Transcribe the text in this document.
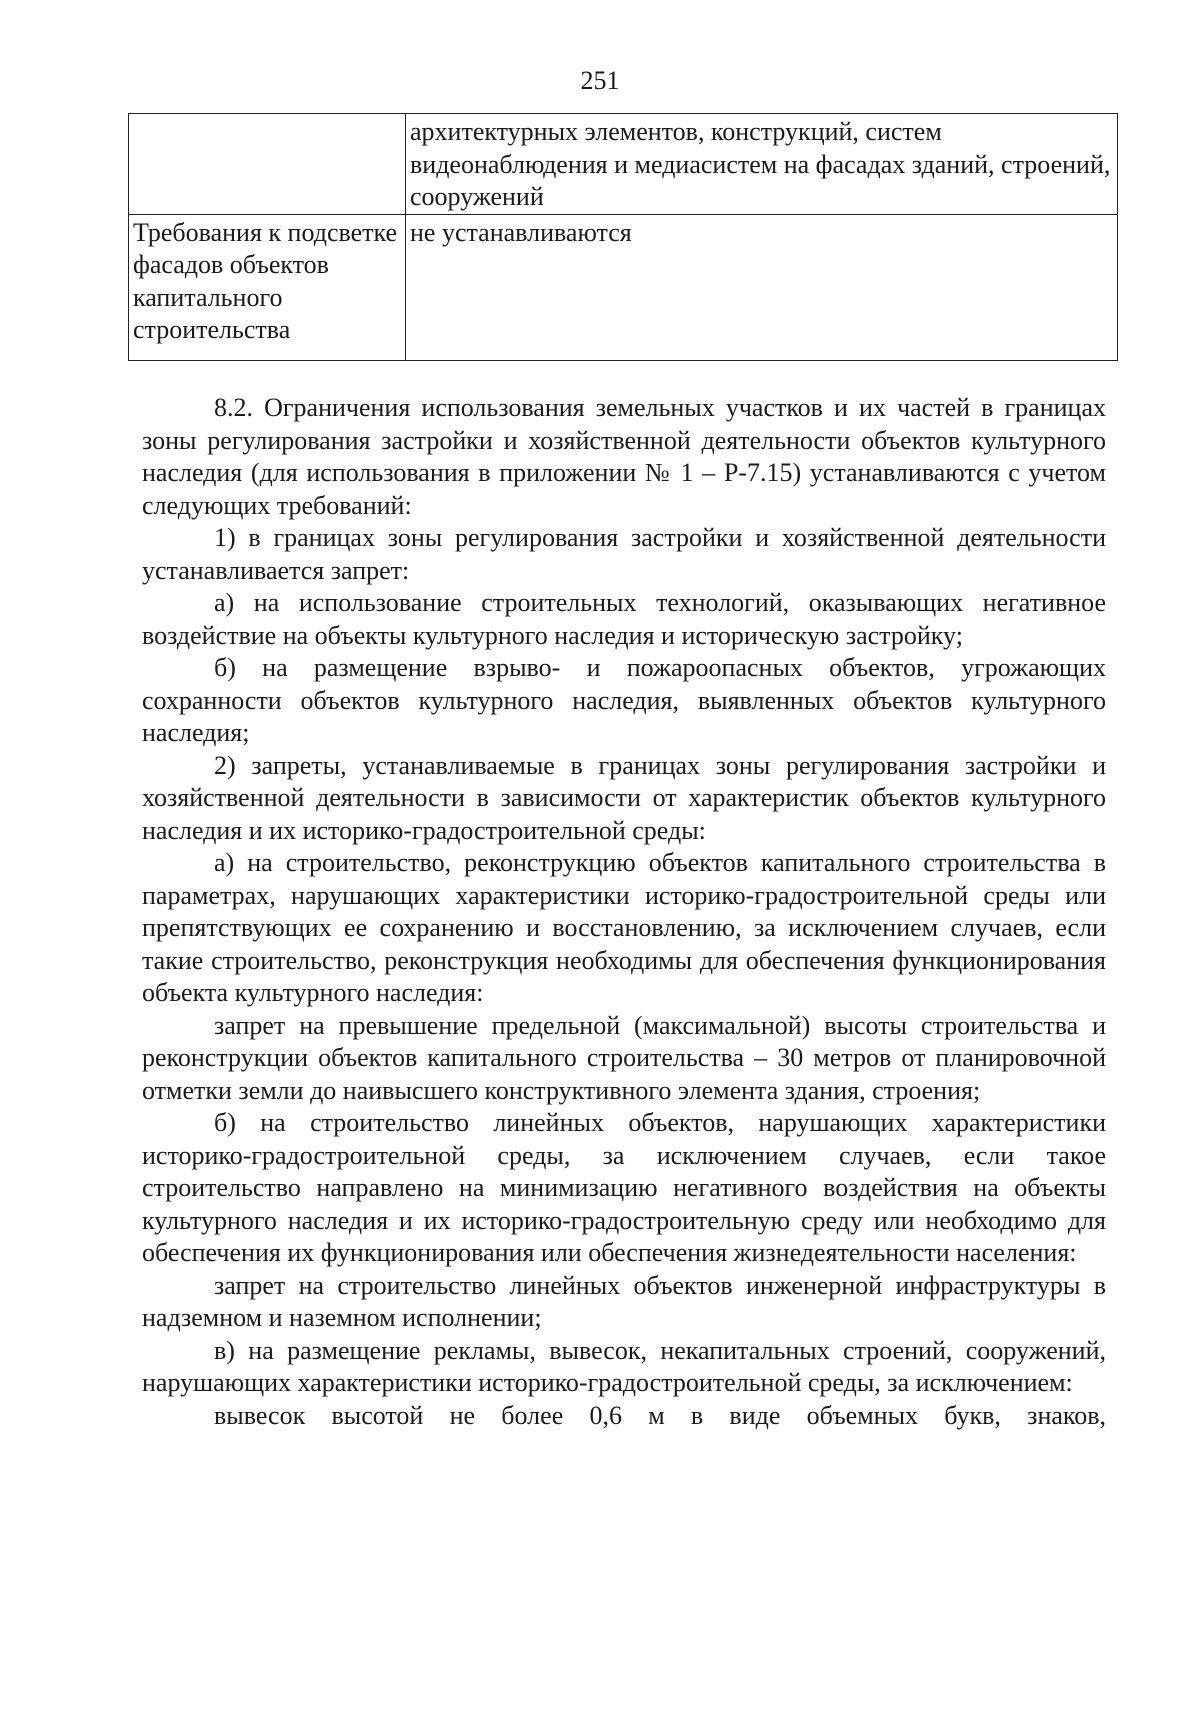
251
	архитектурных элементов, конструкций, систем видеонаблюдения и медиасистем на фасадах зданий, строений, сооружений
Требования к подсветке фасадов объектов капитального строительства	не устанавливаются

8.2. Ограничения использования земельных участков и их частей в границах зоны регулирования застройки и хозяйственной деятельности объектов культурного наследия (для использования в приложении № 1 – Р-7.15) устанавливаются с учетом следующих требований:

1) в границах зоны регулирования застройки и хозяйственной деятельности устанавливается запрет:

а) на использование строительных технологий, оказывающих негативное воздействие на объекты культурного наследия и историческую застройку;

б) на размещение взрыво- и пожароопасных объектов, угрожающих сохранности объектов культурного наследия, выявленных объектов культурного наследия;

2) запреты, устанавливаемые в границах зоны регулирования застройки и хозяйственной деятельности в зависимости от характеристик объектов культурного наследия и их историко-градостроительной среды:

а) на строительство, реконструкцию объектов капитального строительства в параметрах, нарушающих характеристики историко-градостроительной среды или препятствующих ее сохранению и восстановлению, за исключением случаев, если такие строительство, реконструкция необходимы для обеспечения функционирования объекта культурного наследия:

запрет на превышение предельной (максимальной) высоты строительства и реконструкции объектов капитального строительства – 30 метров от планировочной отметки земли до наивысшего конструктивного элемента здания, строения;

б) на строительство линейных объектов, нарушающих характеристики историко-градостроительной среды, за исключением случаев, если такое строительство направлено на минимизацию негативного воздействия на объекты культурного наследия и их историко-градостроительную среду или необходимо для обеспечения их функционирования или обеспечения жизнедеятельности населения:

запрет на строительство линейных объектов инженерной инфраструктуры в надземном и наземном исполнении;

в) на размещение рекламы, вывесок, некапитальных строений, сооружений, нарушающих характеристики историко-градостроительной среды, за исключением:

вывесок высотой не более 0,6 м в виде объемных букв, знаков,
